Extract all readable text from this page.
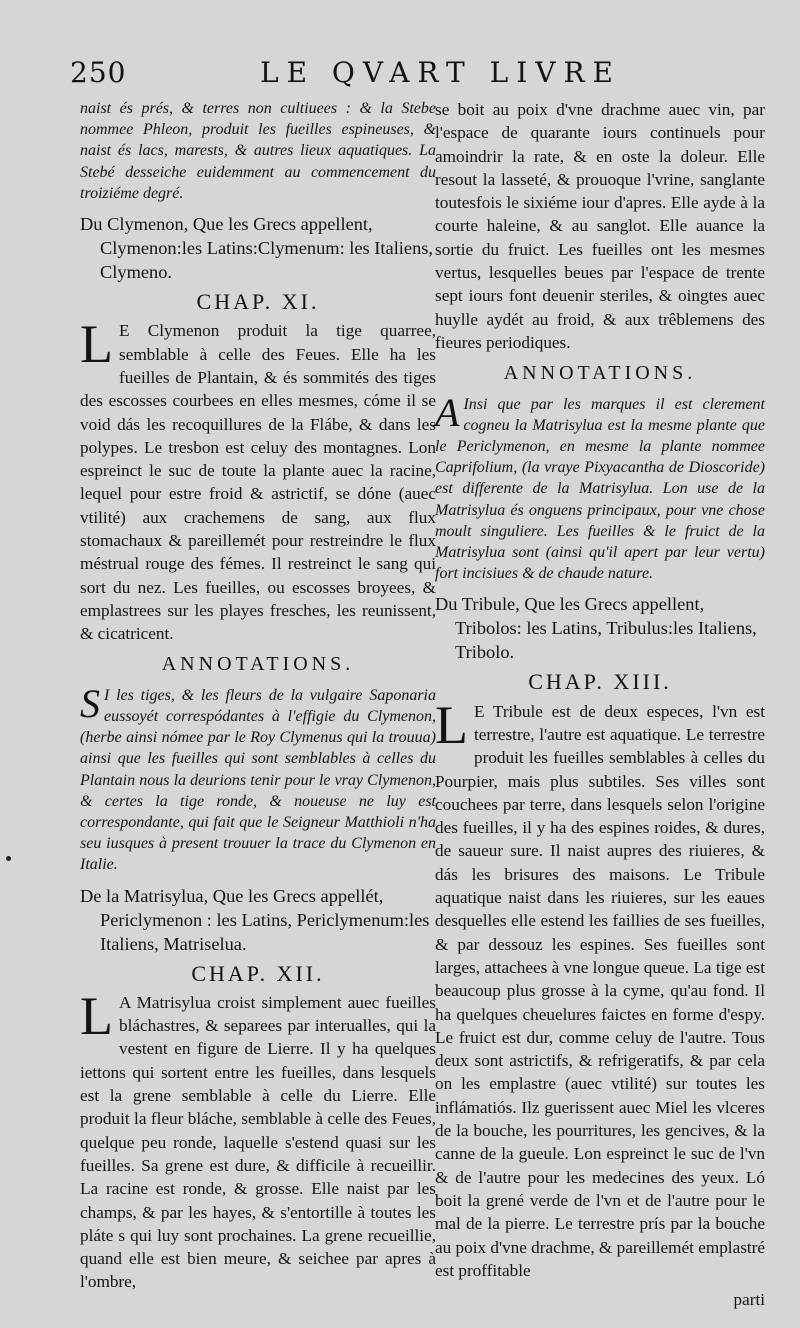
250	LE QVART LIVRE

naist és prés, & terres non cultiuees : & la Stebe nommee Phleon, produit les fueilles espineuses, & naist és lacs, marests, & autres lieux aquatiques. La Stebé desseiche euidemment au commencement du troiziéme degré.

Du Clymenon, Que les Grecs appellent, Clymenon:les Latins:Clymenum: les Italiens, Clymeno.

CHAP. XI.

L E Clymenon produit la tige quarree, semblable à celle des Feues. Elle ha les fueilles de Plantain, & és sommités des tiges des escosses courbees en elles mesmes, cóme il se void dás les recoquillures de la Flábe, & dans les polypes. Le tresbon est celuy des montagnes. Lon espreinct le suc de toute la plante auec la racine, lequel pour estre froid & astrictif, se dóne (auec vtilité) aux crachemens de sang, aux flux stomachaux & pareillemét pour restreindre le flux méstrual rouge des fémes. Il restreinct le sang qui sort du nez. Les fueilles, ou escosses broyees, & emplastrees sur les playes fresches, les reunissent, & cicatricent.

ANNOTATIONS.

S I les tiges, & les fleurs de la vulgaire Saponaria eussoyét correspódantes à l'effigie du Clymenon, (herbe ainsi nómee par le Roy Clymenus qui la trouua) ainsi que les fueilles qui sont semblables à celles du Plantain nous la deurions tenir pour le vray Clymenon, & certes la tige ronde, & noueuse ne luy est correspondante, qui fait que le Seigneur Matthioli n'ha seu iusques à present trouuer la trace du Clymenon en Italie.

De la Matrisylua, Que les Grecs appellét, Periclymenon : les Latins, Periclymenum:les Italiens, Matriselua.

CHAP. XII.

L A Matrisylua croist simplement auec fueilles bláchastres, & separees par interualles, qui la vestent en figure de Lierre. Il y ha quelques iettons qui sortent entre les fueilles, dans lesquels est la grene semblable à celle du Lierre. Elle produit la fleur bláche, semblable à celle des Feues, quelque peu ronde, laquelle s'estend quasi sur les fueilles. Sa grene est dure, & difficile à recueillir. La racine est ronde, & grosse. Elle naist par les champs, & par les hayes, & s'entortille à toutes les pláte s qui luy sont prochaines. La grene recueillie, quand elle est bien meure, & seichee par apres à l'ombre,

se boit au poix d'vne drachme auec vin, par l'espace de quarante iours continuels pour amoindrir la rate, & en oste la doleur. Elle resout la lasseté, & prouoque l'vrine, sanglante toutesfois le sixiéme iour d'apres. Elle ayde à la courte haleine, & au sanglot. Elle auance la sortie du fruict. Les fueilles ont les mesmes vertus, lesquelles beues par l'espace de trente sept iours font deuenir steriles, & oingtes auec huylle aydét au froid, & aux trêblemens des fieures periodiques.

ANNOTATIONS.

A Insi que par les marques il est clerement cogneu la Matrisylua est la mesme plante que le Periclymenon, en mesme la plante nommee Caprifolium, (la vraye Pixyacantha de Dioscoride) est differente de la Matrisylua. Lon use de la Matrisylua és onguens principaux, pour vne chose moult singuliere. Les fueilles & le fruict de la Matrisylua sont (ainsi qu'il apert par leur vertu) fort incisiues & de chaude nature.

Du Tribule, Que les Grecs appellent, Tribolos: les Latins, Tribulus:les Italiens, Tribolo.

CHAP. XIII.

L E Tribule est de deux especes, l'vn est terrestre, l'autre est aquatique. Le terrestre produit les fueilles semblables à celles du Pourpier, mais plus subtiles. Ses villes sont couchees par terre, dans lesquels selon l'origine des fueilles, il y ha des espines roides, & dures, de saueur sure. Il naist aupres des riuieres, & dás les brisures des maisons. Le Tribule aquatique naist dans les riuieres, sur les eaues desquelles elle estend les faillies de ses fueilles, & par dessouz les espines. Ses fueilles sont larges, attachees à vne longue queue. La tige est beaucoup plus grosse à la cyme, qu'au fond. Il ha quelques cheuelures faictes en forme d'espy. Le fruict est dur, comme celuy de l'autre. Tous deux sont astrictifs, & refrigeratifs, & par cela on les emplastre (auec vtilité) sur toutes les inflámatiós. Ilz guerissent auec Miel les vlceres de la bouche, les pourritures, les gencives, & la canne de la gueule. Lon espreinct le suc de l'vn & de l'autre pour les medecines des yeux. Ló boit la grené verde de l'vn et de l'autre pour le mal de la pierre. Le terrestre prís par la bouche au poix d'vne drachme, & pareillemét emplastré est proffitable

parti
